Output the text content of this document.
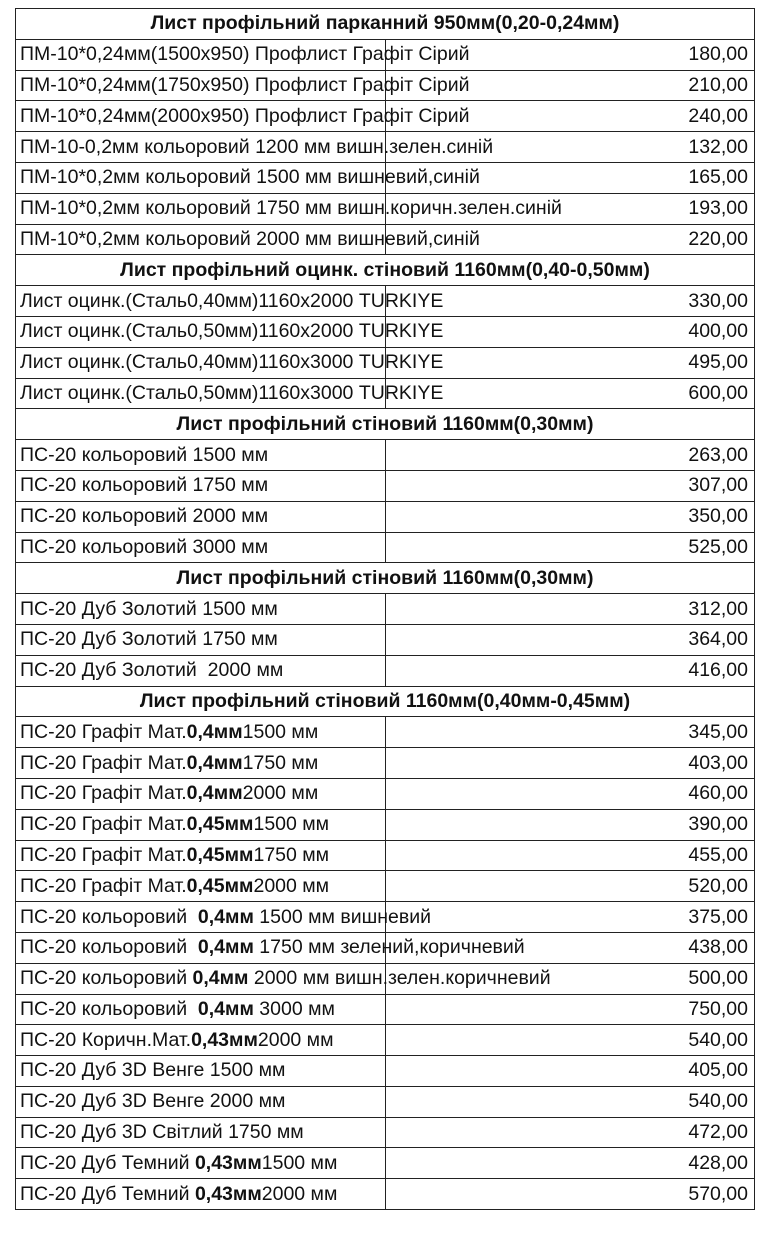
Лист профільний парканний 950мм(0,20-0,24мм)	
ПМ-10*0,24мм(1500х950) Профлист Графіт Сірий	180,00
ПМ-10*0,24мм(1750х950) Профлист Графіт Сірий	210,00
ПМ-10*0,24мм(2000х950) Профлист Графіт Сірий	240,00
ПМ-10-0,2мм кольоровий 1200 мм вишн.зелен.синій	132,00
ПМ-10*0,2мм кольоровий 1500 мм вишневий,синій	165,00
ПМ-10*0,2мм кольоровий 1750 мм вишн.коричн.зелен.синій	193,00
ПМ-10*0,2мм кольоровий 2000 мм вишневий,синій	220,00
Лист профільний оцинк. стіновий 1160мм(0,40-0,50мм)	
Лист оцинк.(Сталь0,40мм)1160х2000 TURKIYE	330,00
Лист оцинк.(Сталь0,50мм)1160х2000 TURKIYE	400,00
Лист оцинк.(Сталь0,40мм)1160х3000 TURKIYE	495,00
Лист оцинк.(Сталь0,50мм)1160х3000 TURKIYE	600,00
Лист профільний стіновий 1160мм(0,30мм)	
ПС-20 кольоровий 1500 мм	263,00
ПС-20 кольоровий 1750 мм	307,00
ПС-20 кольоровий 2000 мм	350,00
ПС-20 кольоровий 3000 мм	525,00
Лист профільний стіновий 1160мм(0,30мм)	
ПС-20 Дуб Золотий 1500 мм	312,00
ПС-20 Дуб Золотий 1750 мм	364,00
ПС-20 Дуб Золотий  2000 мм	416,00
Лист профільний стіновий 1160мм(0,40мм-0,45мм)	
ПС-20 Графіт Мат.0,4мм1500 мм	345,00
ПС-20 Графіт Мат.0,4мм1750 мм	403,00
ПС-20 Графіт Мат.0,4мм2000 мм	460,00
ПС-20 Графіт Мат.0,45мм1500 мм	390,00
ПС-20 Графіт Мат.0,45мм1750 мм	455,00
ПС-20 Графіт Мат.0,45мм2000 мм	520,00
ПС-20 кольоровий  0,4мм 1500 мм вишневий	375,00
ПС-20 кольоровий  0,4мм 1750 мм зелений,коричневий	438,00
ПС-20 кольоровий 0,4мм 2000 мм вишн.зелен.коричневий	500,00
ПС-20 кольоровий  0,4мм 3000 мм	750,00
ПС-20 Коричн.Мат.0,43мм2000 мм	540,00
ПС-20 Дуб 3D Венге 1500 мм	405,00
ПС-20 Дуб 3D Венге 2000 мм	540,00
ПС-20 Дуб 3D Світлий 1750 мм	472,00
ПС-20 Дуб Темний 0,43мм1500 мм	428,00
ПС-20 Дуб Темний 0,43мм2000 мм	570,00
